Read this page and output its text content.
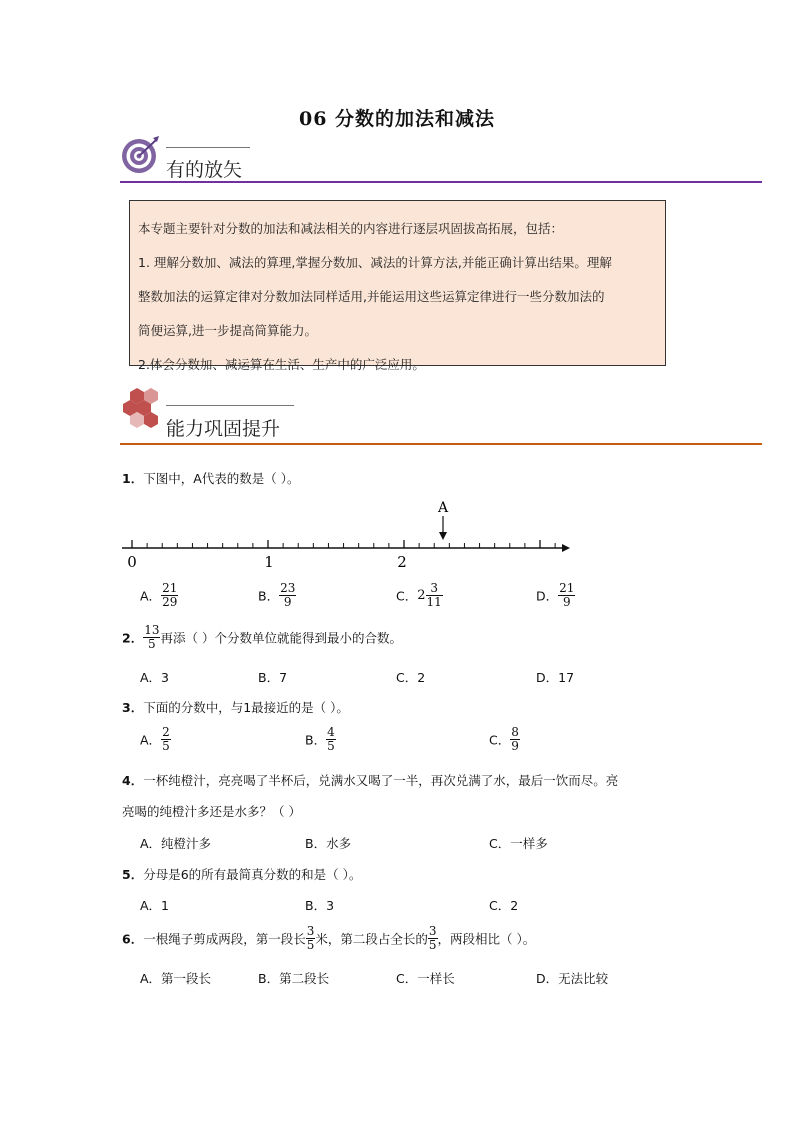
06 分数的加法和减法
有的放矢

本专题主要针对分数的加法和减法相关的内容进行逐层巩固拔高拓展，包括：

1. 理解分数加、减法的算理,掌握分数加、减法的计算方法,并能正确计算出结果。理解

整数加法的运算定律对分数加法同样适用,并能运用这些运算定律进行一些分数加法的

简便运算,进一步提高简算能力。

2.体会分数加、减运算在生活、生产中的广泛应用。

能力巩固提升
1．下图中，A代表的数是（ ）。
0	1	2
A
A． $\frac{21}{29}$	B． $\frac{23}{9}$	C．$2 \frac{3}{11}$	D． $\frac{21}{9}$
2． $\frac{13}{5}$ 再添（ ）个分数单位就能得到最小的合数。
A．3	B．7	C．2	D．17
3．下面的分数中，与1最接近的是（ ）。
A． $\frac{2}{5}$	B． $\frac{4}{5}$	C． $\frac{8}{9}$
4．一杯纯橙汁，亮亮喝了半杯后，兑满水又喝了一半，再次兑满了水，最后一饮而尽。亮
亮喝的纯橙汁多还是水多？（ ）
A．纯橙汁多	B．水多	C．一样多
5．分母是6的所有最简真分数的和是（ ）。
A．1	B．3	C．2
6．一根绳子剪成两段，第一段长 $\frac{3}{5}$ 米，第二段占全长的 $\frac{3}{5}$ ，两段相比（ ）。
A．第一段长	B．第二段长	C．一样长	D．无法比较
